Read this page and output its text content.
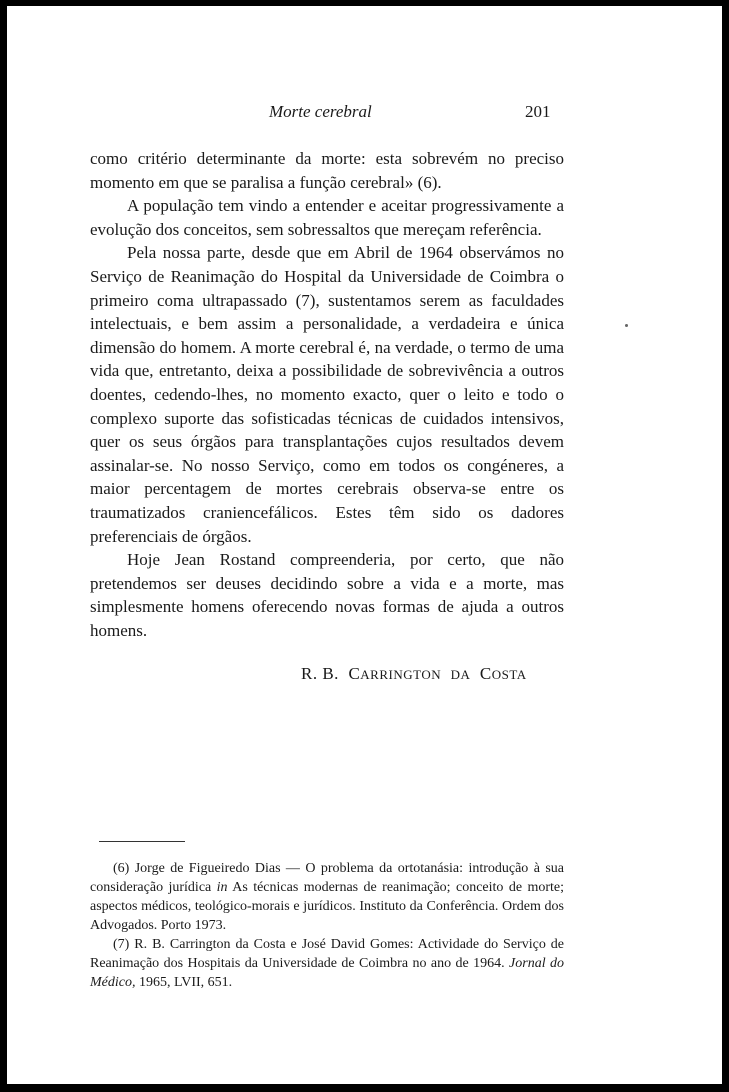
Morte cerebral	201

como critério determinante da morte: esta sobrevém no preciso momento em que se paralisa a função cerebral» (6).

A população tem vindo a entender e aceitar progressivamente a evolução dos conceitos, sem sobressaltos que mereçam referência.

Pela nossa parte, desde que em Abril de 1964 observámos no Serviço de Reanimação do Hospital da Universidade de Coimbra o primeiro coma ultrapassado (7), sustentamos serem as faculdades intelectuais, e bem assim a personalidade, a verdadeira e única dimensão do homem. A morte cerebral é, na verdade, o termo de uma vida que, entretanto, deixa a possibilidade de sobrevivência a outros doentes, cedendo-lhes, no momento exacto, quer o leito e todo o complexo suporte das sofisticadas técnicas de cuidados intensivos, quer os seus órgãos para transplantações cujos resultados devem assinalar-se. No nosso Serviço, como em todos os congéneres, a maior percentagem de mortes cerebrais observa-se entre os traumatizados craniencefálicos. Estes têm sido os dadores preferenciais de órgãos.

Hoje Jean Rostand compreenderia, por certo, que não pretendemos ser deuses decidindo sobre a vida e a morte, mas simplesmente homens oferecendo novas formas de ajuda a outros homens.

R. B. CARRINGTON DA COSTA

(6) Jorge de Figueiredo Dias — O problema da ortotanásia: introdução à sua consideração jurídica in As técnicas modernas de reanimação; conceito de morte; aspectos médicos, teológico-morais e jurídicos. Instituto da Conferência. Ordem dos Advogados. Porto 1973.

(7) R. B. Carrington da Costa e José David Gomes: Actividade do Serviço de Reanimação dos Hospitais da Universidade de Coimbra no ano de 1964. Jornal do Médico, 1965, LVII, 651.
